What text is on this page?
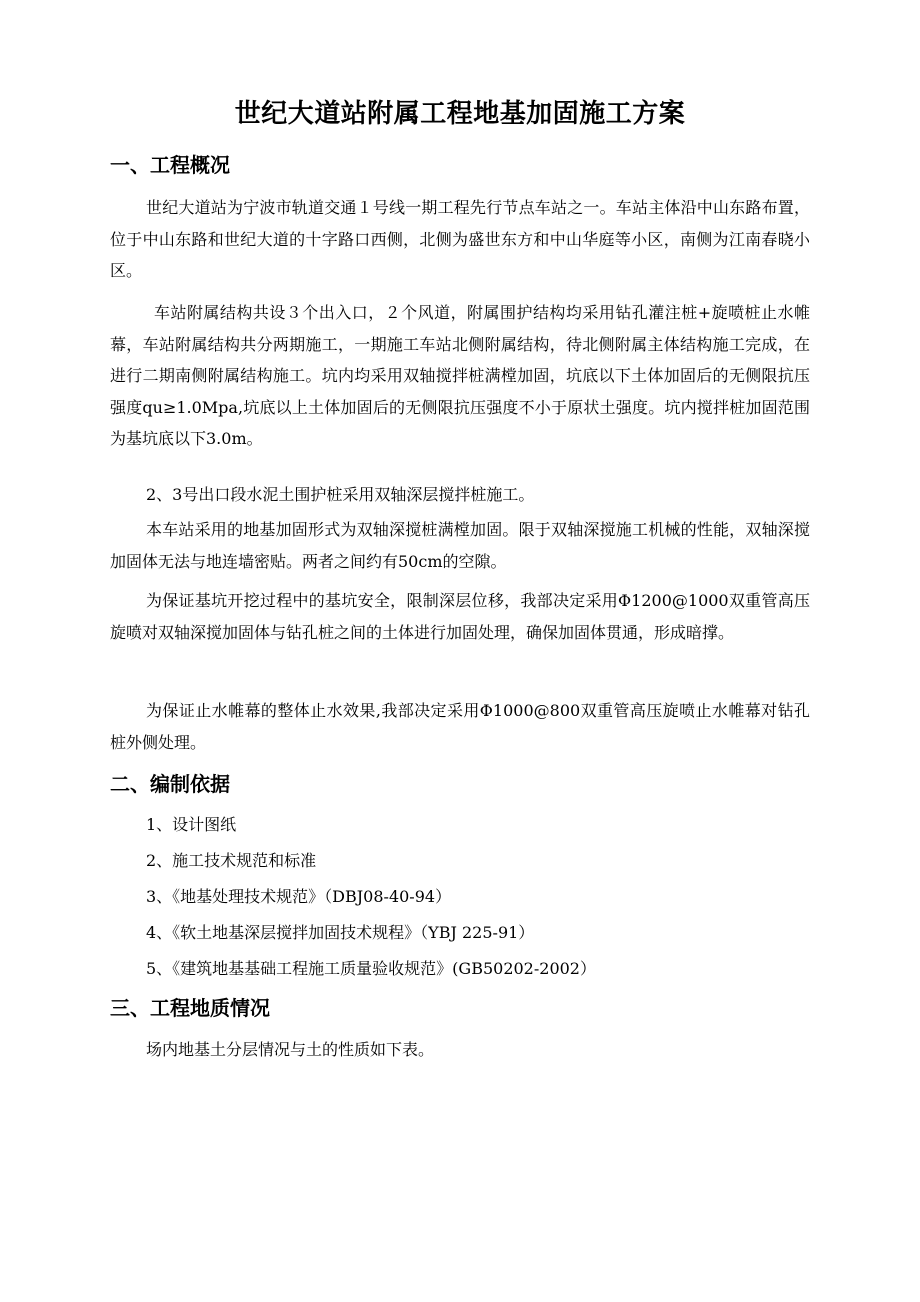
世纪大道站附属工程地基加固施工方案
一、工程概况
世纪大道站为宁波市轨道交通１号线一期工程先行节点车站之一。车站主体沿中山东路布置，位于中山东路和世纪大道的十字路口西侧，北侧为盛世东方和中山华庭等小区，南侧为江南春晓小区。
车站附属结构共设３个出入口，２个风道，附属围护结构均采用钻孔灌注桩+旋喷桩止水帷幕，车站附属结构共分两期施工，一期施工车站北侧附属结构，待北侧附属主体结构施工完成，在进行二期南侧附属结构施工。坑内均采用双轴搅拌桩满樘加固，坑底以下土体加固后的无侧限抗压强度qu≥1.0Mpa,坑底以上土体加固后的无侧限抗压强度不小于原状土强度。坑内搅拌桩加固范围为基坑底以下3.0m。
2、3号出口段水泥土围护桩采用双轴深层搅拌桩施工。
本车站采用的地基加固形式为双轴深搅桩满樘加固。限于双轴深搅施工机械的性能，双轴深搅加固体无法与地连墙密贴。两者之间约有50cm的空隙。
为保证基坑开挖过程中的基坑安全，限制深层位移，我部决定采用Φ1200@1000双重管高压旋喷对双轴深搅加固体与钻孔桩之间的土体进行加固处理，确保加固体贯通，形成暗撑。
为保证止水帷幕的整体止水效果,我部决定采用Φ1000@800双重管高压旋喷止水帷幕对钻孔桩外侧处理。
二、编制依据
1、设计图纸
2、施工技术规范和标准
3、《地基处理技术规范》（DBJ08-40-94）
4、《软土地基深层搅拌加固技术规程》（YBJ 225-91）
5、《建筑地基基础工程施工质量验收规范》(GB50202-2002）
三、工程地质情况
场内地基土分层情况与土的性质如下表。
